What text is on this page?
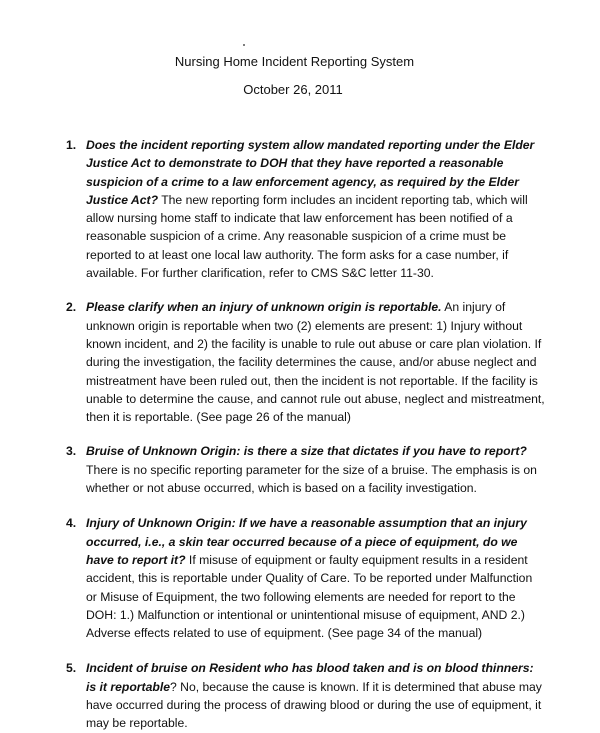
Nursing Home Incident Reporting System
October 26, 2011
1. Does the incident reporting system allow mandated reporting under the Elder Justice Act to demonstrate to DOH that they have reported a reasonable suspicion of a crime to a law enforcement agency, as required by the Elder Justice Act? The new reporting form includes an incident reporting tab, which will allow nursing home staff to indicate that law enforcement has been notified of a reasonable suspicion of a crime. Any reasonable suspicion of a crime must be reported to at least one local law authority. The form asks for a case number, if available. For further clarification, refer to CMS S&C letter 11-30.
2. Please clarify when an injury of unknown origin is reportable. An injury of unknown origin is reportable when two (2) elements are present: 1) Injury without known incident, and 2) the facility is unable to rule out abuse or care plan violation. If during the investigation, the facility determines the cause, and/or abuse neglect and mistreatment have been ruled out, then the incident is not reportable. If the facility is unable to determine the cause, and cannot rule out abuse, neglect and mistreatment, then it is reportable. (See page 26 of the manual)
3. Bruise of Unknown Origin: is there a size that dictates if you have to report? There is no specific reporting parameter for the size of a bruise. The emphasis is on whether or not abuse occurred, which is based on a facility investigation.
4. Injury of Unknown Origin: If we have a reasonable assumption that an injury occurred, i.e., a skin tear occurred because of a piece of equipment, do we have to report it? If misuse of equipment or faulty equipment results in a resident accident, this is reportable under Quality of Care. To be reported under Malfunction or Misuse of Equipment, the two following elements are needed for report to the DOH: 1.) Malfunction or intentional or unintentional misuse of equipment, AND 2.) Adverse effects related to use of equipment. (See page 34 of the manual)
5. Incident of bruise on Resident who has blood taken and is on blood thinners: is it reportable? No, because the cause is known. If it is determined that abuse may have occurred during the process of drawing blood or during the use of equipment, it may be reportable.
